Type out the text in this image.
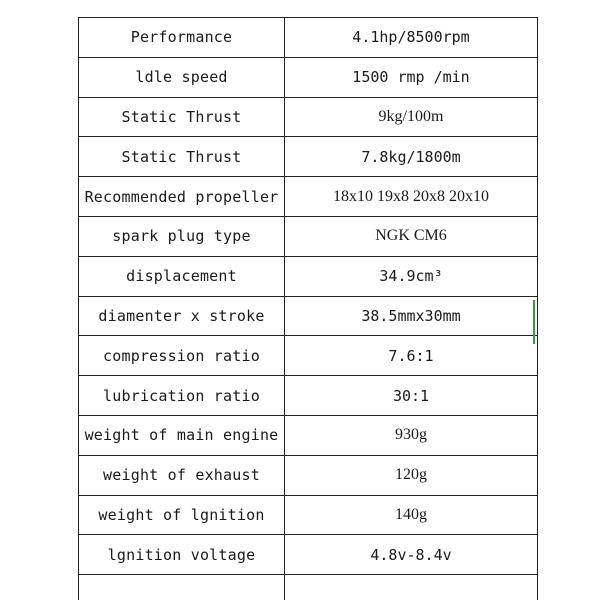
Performance	4.1hp/8500rpm
ldle speed	1500 rmp /min
Static Thrust	9kg/100m
Static Thrust	7.8kg/1800m
Recommended propeller	18x10 19x8 20x8 20x10
spark plug type	NGK CM6
displacement	34.9cm³
diamenter x stroke	38.5mmx30mm
compression ratio	7.6:1
lubrication ratio	30:1
weight of main engine	930g
weight of exhaust	120g
weight of lgnition	140g
lgnition voltage	4.8v-8.4v
